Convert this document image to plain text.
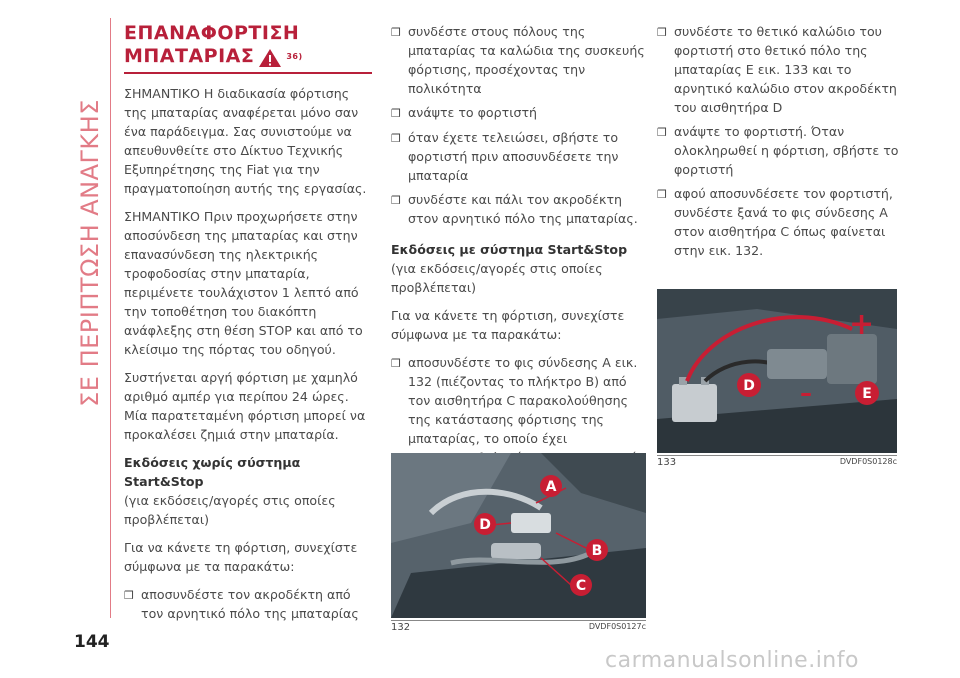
ΣΕ ΠΕΡΙΠΤΩΣΗ ΑΝΑΓΚΗΣ
144
ΕΠΑΝΑΦΟΡΤΙΣΗ
ΜΠΑΤΑΡΙΑΣ	36)

ΣΗΜΑΝΤΙΚΟ Η διαδικασία φόρτισης της μπαταρίας αναφέρεται μόνο σαν ένα παράδειγμα. Σας συνιστούμε να απευθυνθείτε στο Δίκτυο Τεχνικής Εξυπηρέτησης της Fiat για την πραγματοποίηση αυτής της εργασίας.

ΣΗΜΑΝΤΙΚΟ Πριν προχωρήσετε στην αποσύνδεση της μπαταρίας και στην επανασύνδεση της ηλεκτρικής τροφοδοσίας στην μπαταρία, περιμένετε τουλάχιστον 1 λεπτό από την τοποθέτηση του διακόπτη ανάφλεξης στη θέση STOP και από το κλείσιμο της πόρτας του οδηγού.

Συστήνεται αργή φόρτιση με χαμηλό αριθμό αμπέρ για περίπου 24 ώρες. Μία παρατεταμένη φόρτιση μπορεί να προκαλέσει ζημιά στην μπαταρία.

Εκδόσεις χωρίς σύστημα
Start&Stop

(για εκδόσεις/αγορές στις οποίες προβλέπεται)

Για να κάνετε τη φόρτιση, συνεχίστε σύμφωνα με τα παρακάτω:

❒ αποσυνδέστε τον ακροδέκτη από τον αρνητικό πόλο της μπαταρίας
❒ συνδέστε στους πόλους της μπαταρίας τα καλώδια της συσκευής φόρτισης, προσέχοντας την πολικότητα
❒ ανάψτε το φορτιστή
❒ όταν έχετε τελειώσει, σβήστε το φορτιστή πριν αποσυνδέσετε την μπαταρία
❒ συνδέστε και πάλι τον ακροδέκτη στον αρνητικό πόλο της μπαταρίας.
Εκδόσεις με σύστημα Start&Stop

(για εκδόσεις/αγορές στις οποίες προβλέπεται)

Για να κάνετε τη φόρτιση, συνεχίστε σύμφωνα με τα παρακάτω:

❒ αποσυνδέστε το φις σύνδεσης A εικ. 132 (πιέζοντας το πλήκτρο B) από τον αισθητήρα C παρακολούθησης της κατάστασης φόρτισης της μπαταρίας, το οποίο έχει
❒ συνδέστε το θετικό καλώδιο του φορτιστή στο θετικό πόλο της μπαταρίας E εικ. 133 και το αρνητικό καλώδιο στον ακροδέκτη του αισθητήρα D
❒ ανάψτε το φορτιστή. Όταν ολοκληρωθεί η φόρτιση, σβήστε το φορτιστή
❒ αφού αποσυνδέσετε τον φορτιστή, συνδέστε ξανά το φις σύνδεσης A στον αισθητήρα C όπως φαίνεται στην εικ. 132.
A
D
B
C
132	DVDF0S0127c
+
–
D	E
133	DVDF0S0128c
carmanualsonline.info
